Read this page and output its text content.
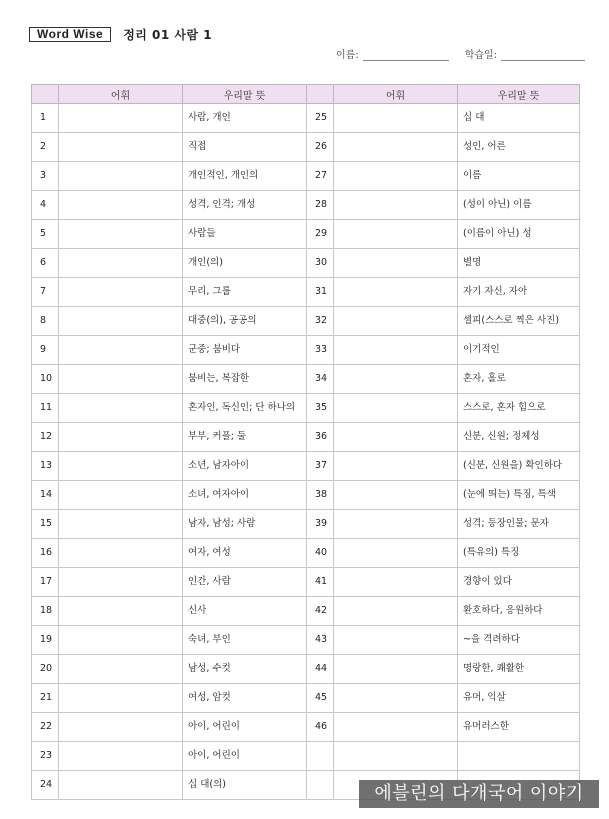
Word Wise	정리 01 사람 1
이름:	학습일:
	어휘	우리말 뜻		어휘	우리말 뜻
1		사람, 개인	25		십 대
2		직접	26		성인, 어른
3		개인적인, 개인의	27		이름
4		성격, 인격; 개성	28		(성이 아닌) 이름
5		사람들	29		(이름이 아닌) 성
6		개인(의)	30		별명
7		무리, 그룹	31		자기 자신, 자아
8		대중(의), 공공의	32		셀피(스스로 찍은 사진)
9		군중; 붐비다	33		이기적인
10		붐비는, 복잡한	34		혼자, 홀로
11		혼자인, 독신인; 단 하나의	35		스스로, 혼자 힘으로
12		부부, 커플; 둘	36		신분, 신원; 정체성
13		소년, 남자아이	37		(신분, 신원을) 확인하다
14		소녀, 여자아이	38		(눈에 띄는) 특징, 특색
15		남자, 남성; 사람	39		성격; 등장인물; 문자
16		여자, 여성	40		(특유의) 특징
17		인간, 사람	41		경향이 있다
18		신사	42		환호하다, 응원하다
19		숙녀, 부인	43		~을 격려하다
20		남성, 수컷	44		명랑한, 쾌활한
21		여성, 암컷	45		유머, 익살
22		아이, 어린이	46		유머러스한
23		아이, 어린이			
24		십 대(의)				에블린의 다개국어 이야기
